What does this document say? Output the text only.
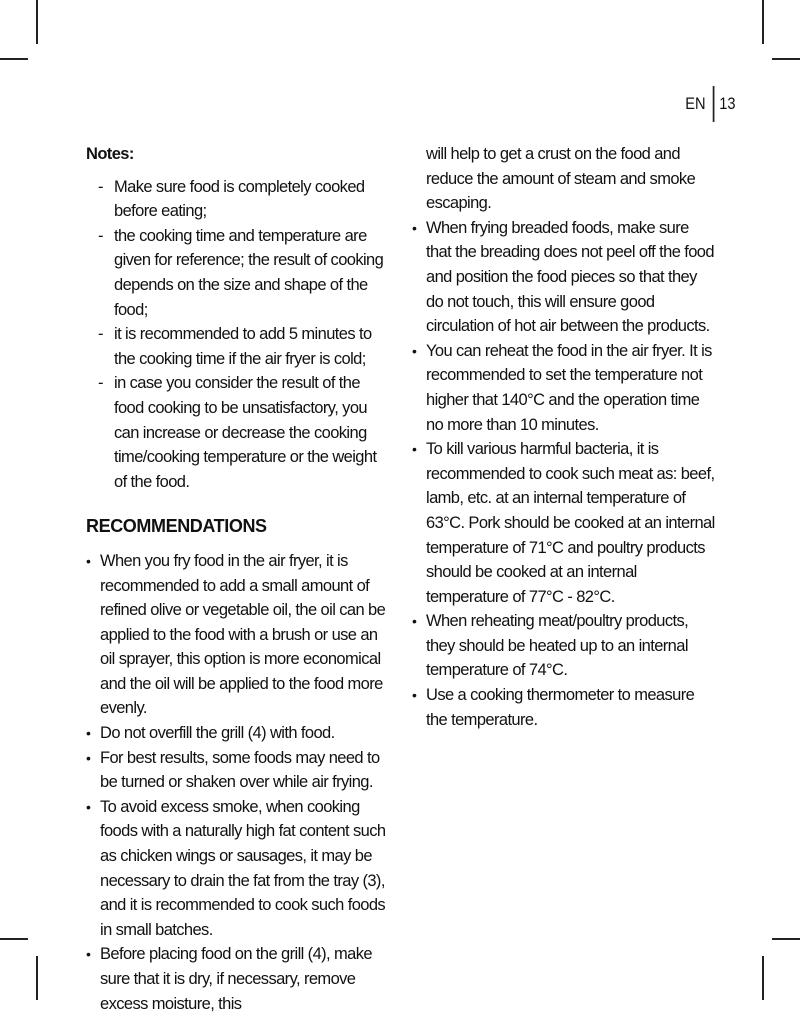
EN 13
Notes:
- Make sure food is completely cooked before eating;
- the cooking time and temperature are given for reference; the result of cooking depends on the size and shape of the food;
- it is recommended to add 5 minutes to the cooking time if the air fryer is cold;
- in case you consider the result of the food cooking to be unsatisfactory, you can increase or decrease the cooking time/cooking temperature or the weight of the food.
RECOMMENDATIONS
• When you fry food in the air fryer, it is recommended to add a small amount of refined olive or vegetable oil, the oil can be applied to the food with a brush or use an oil sprayer, this option is more economical and the oil will be applied to the food more evenly.
• Do not overfill the grill (4) with food.
• For best results, some foods may need to be turned or shaken over while air frying.
• To avoid excess smoke, when cooking foods with a naturally high fat content such as chicken wings or sausages, it may be necessary to drain the fat from the tray (3), and it is recommended to cook such foods in small batches.
• Before placing food on the grill (4), make sure that it is dry, if necessary, remove excess moisture, this
will help to get a crust on the food and reduce the amount of steam and smoke escaping.
• When frying breaded foods, make sure that the breading does not peel off the food and position the food pieces so that they do not touch, this will ensure good circulation of hot air between the products.
• You can reheat the food in the air fryer. It is recommended to set the temperature not higher that 140°C and the operation time no more than 10 minutes.
• To kill various harmful bacteria, it is recommended to cook such meat as: beef, lamb, etc. at an internal temperature of 63°C. Pork should be cooked at an internal temperature of 71°C and poultry products should be cooked at an internal temperature of 77°C - 82°C.
• When reheating meat/poultry products, they should be heated up to an internal temperature of 74°C.
• Use a cooking thermometer to measure the temperature.
